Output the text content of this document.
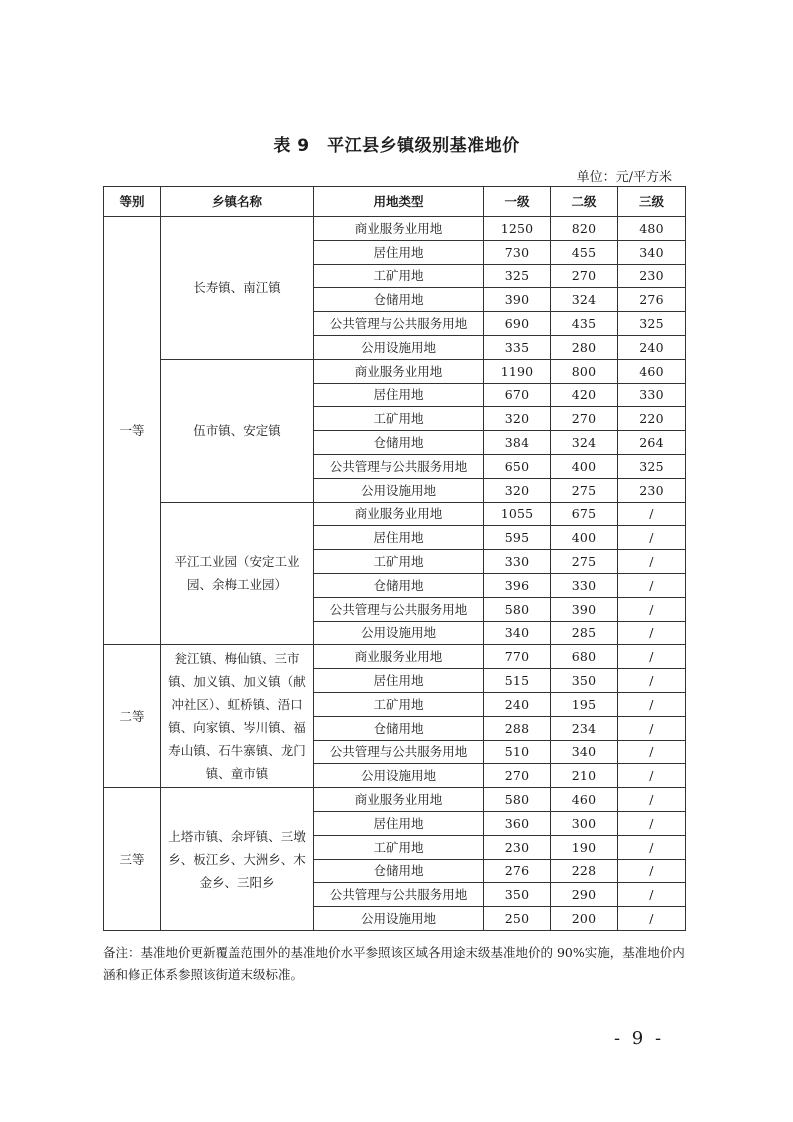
表 9　平江县乡镇级别基准地价
单位：元/平方米
等别	乡镇名称	用地类型	一级	二级	三级
一等	长寿镇、南江镇	商业服务业用地	1250	820	480
		居住用地	730	455	340
		工矿用地	325	270	230
		仓储用地	390	324	276
		公共管理与公共服务用地	690	435	325
		公用设施用地	335	280	240
	伍市镇、安定镇	商业服务业用地	1190	800	460
		居住用地	670	420	330
		工矿用地	320	270	220
		仓储用地	384	324	264
		公共管理与公共服务用地	650	400	325
		公用设施用地	320	275	230
	平江工业园（安定工业园、余梅工业园）	商业服务业用地	1055	675	/
		居住用地	595	400	/
		工矿用地	330	275	/
		仓储用地	396	330	/
		公共管理与公共服务用地	580	390	/
		公用设施用地	340	285	/
二等	瓮江镇、梅仙镇、三市镇、加义镇、加义镇（献冲社区）、虹桥镇、浯口镇、向家镇、岑川镇、福寿山镇、石牛寨镇、龙门镇、童市镇	商业服务业用地	770	680	/
		居住用地	515	350	/
		工矿用地	240	195	/
		仓储用地	288	234	/
		公共管理与公共服务用地	510	340	/
		公用设施用地	270	210	/
三等	上塔市镇、余坪镇、三墩乡、板江乡、大洲乡、木金乡、三阳乡	商业服务业用地	580	460	/
		居住用地	360	300	/
		工矿用地	230	190	/
		仓储用地	276	228	/
		公共管理与公共服务用地	350	290	/
		公用设施用地	250	200	/
备注：基准地价更新覆盖范围外的基准地价水平参照该区域各用途末级基准地价的 90%实施，基准地价内涵和修正体系参照该街道末级标准。
- 9 -
